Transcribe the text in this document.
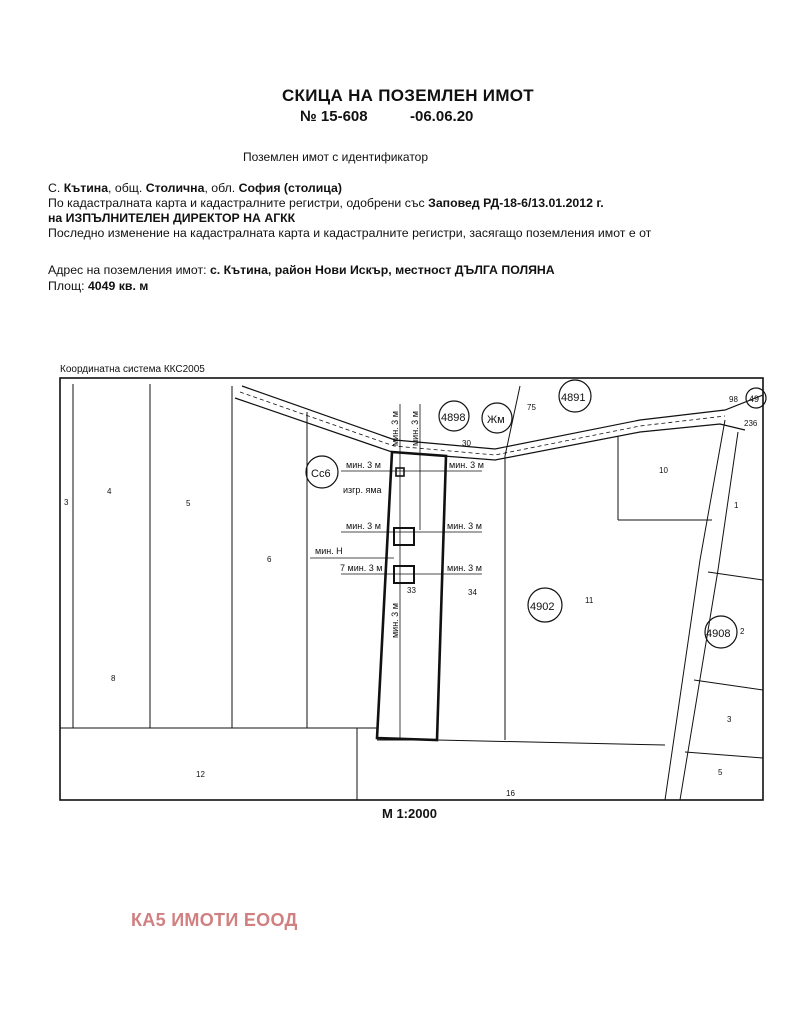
СКИЦА НА ПОЗЕМЛЕН ИМОТ
№ 15-608	-06.06.20
Поземлен имот с идентификатор
С. Кътина, общ. Столична, обл. София (столица)
По кадастралната карта и кадастралните регистри, одобрени със Заповед РД-18-6/13.01.2012 г.
на ИЗПЪЛНИТЕЛЕН ДИРЕКТОР НА АГКК
Последно изменение на кадастралната карта и кадастралните регистри, засягащо поземления имот е от
Адрес на поземления имот: с. Кътина, район Нови Искър, местност ДЪЛГА ПОЛЯНА
Площ: 4049 кв. м
Координатна система ККС2005
4898 Жм
4891
Сс6
4902
4908
49
3
4
5
6
8
12
16
33	34
11
10
1
2
3
5
75
30
98
236
мин. 3 м	мин. 3 м
изгр. яма
мин. 3 м	мин. 3 м
мин. Н
7 мин. 3 м	мин. 3 м
мин. 3 м мин. 3 м
мин. 3 м
М 1:2000
КА5 ИМОТИ ЕООД
